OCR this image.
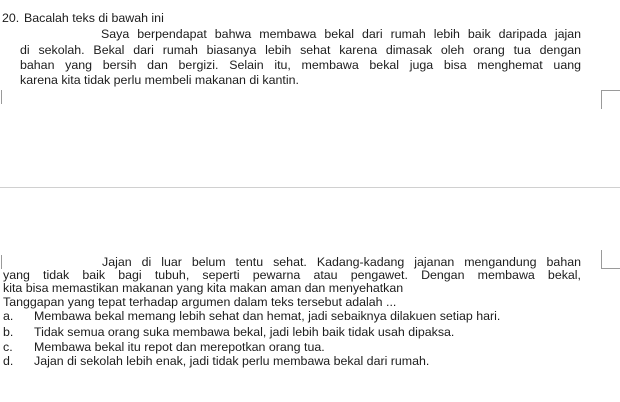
20. Bacalah teks di bawah ini
Saya berpendapat bahwa membawa bekal dari rumah lebih baik daripada jajan
di sekolah. Bekal dari rumah biasanya lebih sehat karena dimasak oleh orang tua dengan
bahan yang bersih dan bergizi. Selain itu, membawa bekal juga bisa menghemat uang
karena kita tidak perlu membeli makanan di kantin.
Jajan di luar belum tentu sehat. Kadang-kadang jajanan mengandung bahan
yang tidak baik bagi tubuh, seperti pewarna atau pengawet. Dengan membawa bekal,
kita bisa memastikan makanan yang kita makan aman dan menyehatkan
Tanggapan yang tepat terhadap argumen dalam teks tersebut adalah ...
a. Membawa bekal memang lebih sehat dan hemat, jadi sebaiknya dilakuen setiap hari.
b. Tidak semua orang suka membawa bekal, jadi lebih baik tidak usah dipaksa.
c. Membawa bekal itu repot dan merepotkan orang tua.
d. Jajan di sekolah lebih enak, jadi tidak perlu membawa bekal dari rumah.
